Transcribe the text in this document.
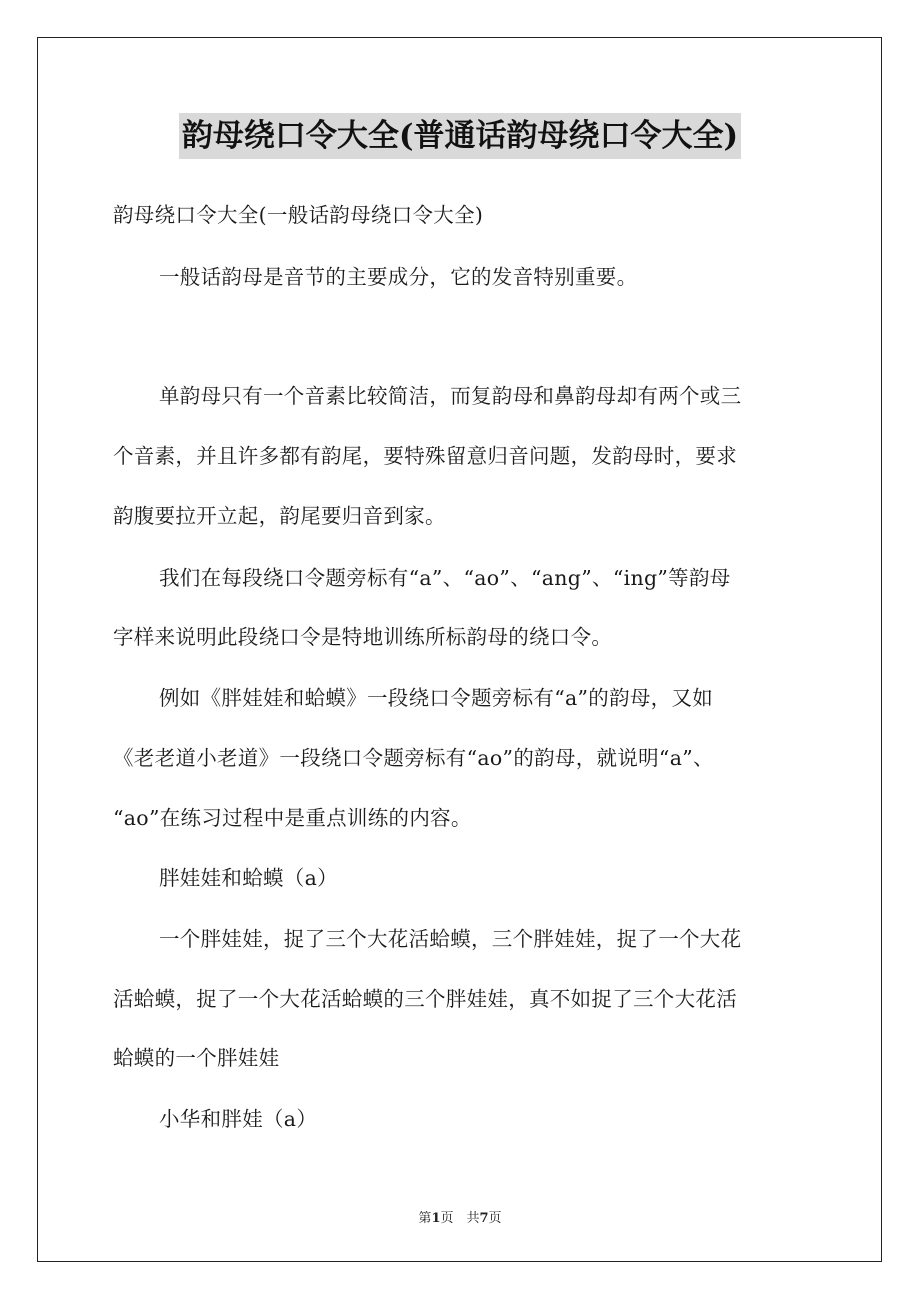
韵母绕口令大全(普通话韵母绕口令大全)
韵母绕口令大全(一般话韵母绕口令大全)
一般话韵母是音节的主要成分，它的发音特别重要。
单韵母只有一个音素比较简洁，而复韵母和鼻韵母却有两个或三
个音素，并且许多都有韵尾，要特殊留意归音问题，发韵母时，要求
韵腹要拉开立起，韵尾要归音到家。
我们在每段绕口令题旁标有“a”、“ao”、“ang”、“ing”等韵母
字样来说明此段绕口令是特地训练所标韵母的绕口令。
例如《胖娃娃和蛤蟆》一段绕口令题旁标有“a”的韵母，又如
《老老道小老道》一段绕口令题旁标有“ao”的韵母，就说明“a”、
“ao”在练习过程中是重点训练的内容。
胖娃娃和蛤蟆（a）
一个胖娃娃，捉了三个大花活蛤蟆，三个胖娃娃，捉了一个大花
活蛤蟆，捉了一个大花活蛤蟆的三个胖娃娃，真不如捉了三个大花活
蛤蟆的一个胖娃娃
小华和胖娃（a）
第1页　共7页
